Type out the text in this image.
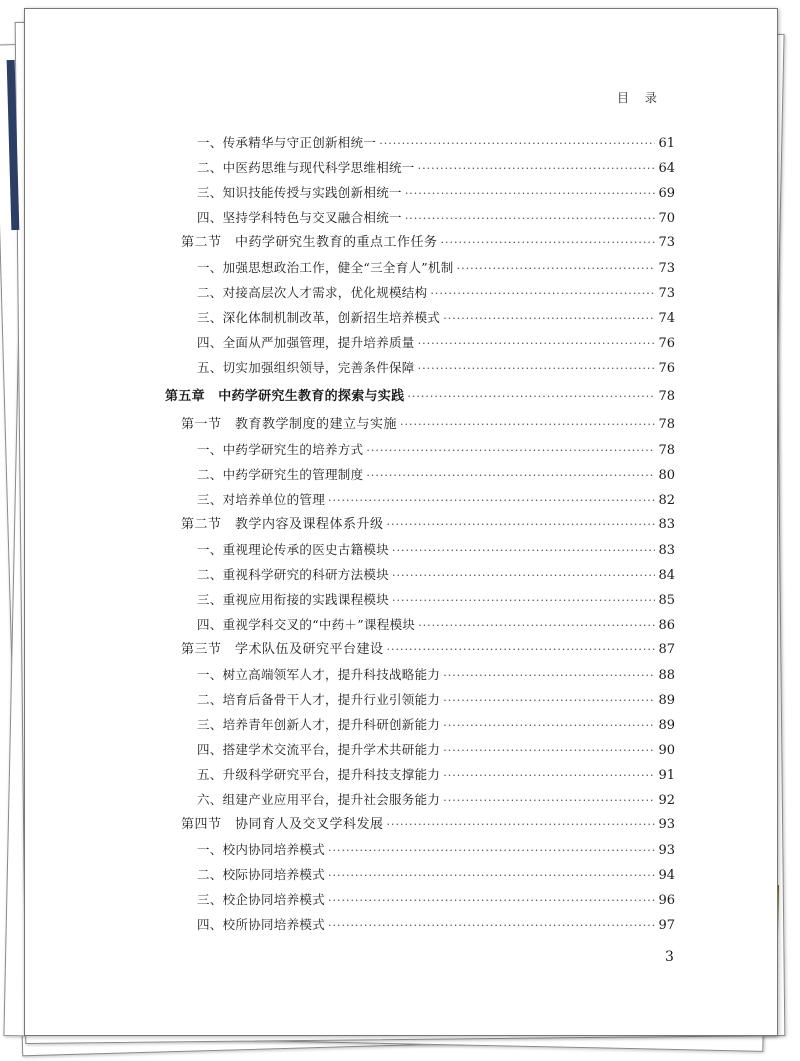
目 录
一、传承精华与守正创新相统一 ·····	61
二、中医药思维与现代科学思维相统一 ·····	64
三、知识技能传授与实践创新相统一 ·····	69
四、坚持学科特色与交叉融合相统一 ·····	70
第二节　中药学研究生教育的重点工作任务 ·····	73
一、加强思想政治工作，健全“三全育人”机制 ·····	73
二、对接高层次人才需求，优化规模结构 ·····	73
三、深化体制机制改革，创新招生培养模式 ·····	74
四、全面从严加强管理，提升培养质量 ·····	76
五、切实加强组织领导，完善条件保障 ·····	76
第五章　中药学研究生教育的探索与实践 ·····	78
第一节　教育教学制度的建立与实施 ·····	78
一、中药学研究生的培养方式 ·····	78
二、中药学研究生的管理制度 ·····	80
三、对培养单位的管理 ·····	82
第二节　教学内容及课程体系升级 ·····	83
一、重视理论传承的医史古籍模块 ·····	83
二、重视科学研究的科研方法模块 ·····	84
三、重视应用衔接的实践课程模块 ·····	85
四、重视学科交叉的“中药＋”课程模块 ·····	86
第三节　学术队伍及研究平台建设 ·····	87
一、树立高端领军人才，提升科技战略能力 ·····	88
二、培育后备骨干人才，提升行业引领能力 ·····	89
三、培养青年创新人才，提升科研创新能力 ·····	89
四、搭建学术交流平台，提升学术共研能力 ·····	90
五、升级科学研究平台，提升科技支撑能力 ·····	91
六、组建产业应用平台，提升社会服务能力 ·····	92
第四节　协同育人及交叉学科发展 ·····	93
一、校内协同培养模式 ·····	93
二、校际协同培养模式 ·····	94
三、校企协同培养模式 ·····	96
四、校所协同培养模式 ·····	97
3
